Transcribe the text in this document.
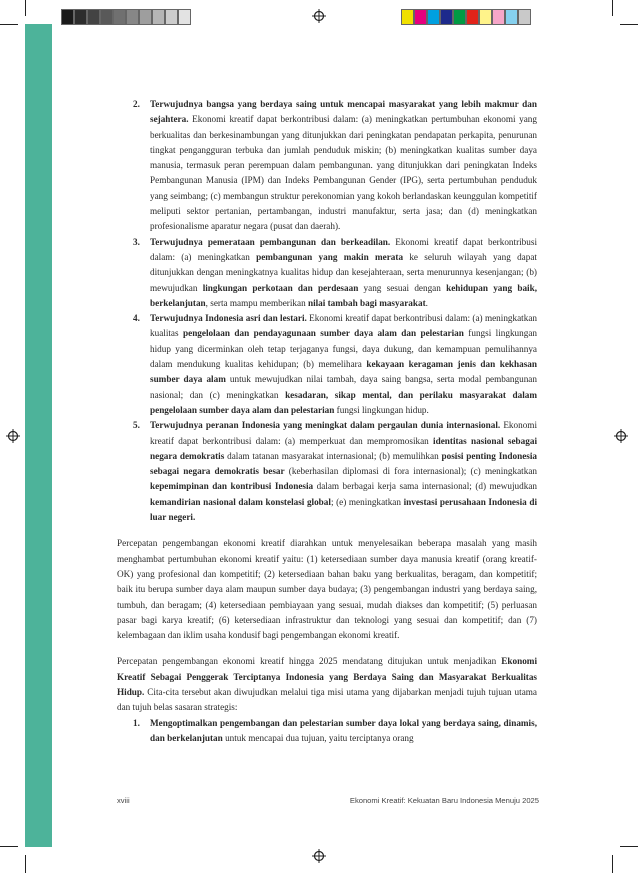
2. Terwujudnya bangsa yang berdaya saing untuk mencapai masyarakat yang lebih makmur dan sejahtera. Ekonomi kreatif dapat berkontribusi dalam: (a) meningkatkan pertumbuhan ekonomi yang berkualitas dan berkesinambungan yang ditunjukkan dari peningkatan pendapatan perkapita, penurunan tingkat pengangguran terbuka dan jumlah penduduk miskin; (b) meningkatkan kualitas sumber daya manusia, termasuk peran perempuan dalam pembangunan. yang ditunjukkan dari peningkatan Indeks Pembangunan Manusia (IPM) dan Indeks Pembangunan Gender (IPG), serta pertumbuhan penduduk yang seimbang; (c) membangun struktur perekonomian yang kokoh berlandaskan keunggulan kompetitif meliputi sektor pertanian, pertambangan, industri manufaktur, serta jasa; dan (d) meningkatkan profesionalisme aparatur negara (pusat dan daerah).
3. Terwujudnya pemerataan pembangunan dan berkeadilan. Ekonomi kreatif dapat berkontribusi dalam: (a) meningkatkan pembangunan yang makin merata ke seluruh wilayah yang dapat ditunjukkan dengan meningkatnya kualitas hidup dan kesejahteraan, serta menurunnya kesenjangan; (b) mewujudkan lingkungan perkotaan dan perdesaan yang sesuai dengan kehidupan yang baik, berkelanjutan, serta mampu memberikan nilai tambah bagi masyarakat.
4. Terwujudnya Indonesia asri dan lestari. Ekonomi kreatif dapat berkontribusi dalam: (a) meningkatkan kualitas pengelolaan dan pendayagunaan sumber daya alam dan pelestarian fungsi lingkungan hidup yang dicerminkan oleh tetap terjaganya fungsi, daya dukung, dan kemampuan pemulihannya dalam mendukung kualitas kehidupan; (b) memelihara kekayaan keragaman jenis dan kekhasan sumber daya alam untuk mewujudkan nilai tambah, daya saing bangsa, serta modal pembangunan nasional; dan (c) meningkatkan kesadaran, sikap mental, dan perilaku masyarakat dalam pengelolaan sumber daya alam dan pelestarian fungsi lingkungan hidup.
5. Terwujudnya peranan Indonesia yang meningkat dalam pergaulan dunia internasional. Ekonomi kreatif dapat berkontribusi dalam: (a) memperkuat dan mempromosikan identitas nasional sebagai negara demokratis dalam tatanan masyarakat internasional; (b) memulihkan posisi penting Indonesia sebagai negara demokratis besar (keberhasilan diplomasi di fora internasional); (c) meningkatkan kepemimpinan dan kontribusi Indonesia dalam berbagai kerja sama internasional; (d) mewujudkan kemandirian nasional dalam konstelasi global; (e) meningkatkan investasi perusahaan Indonesia di luar negeri.

Percepatan pengembangan ekonomi kreatif diarahkan untuk menyelesaikan beberapa masalah yang masih menghambat pertumbuhan ekonomi kreatif yaitu: (1) ketersediaan sumber daya manusia kreatif (orang kreatif-OK) yang profesional dan kompetitif; (2) ketersediaan bahan baku yang berkualitas, beragam, dan kompetitif; baik itu berupa sumber daya alam maupun sumber daya budaya; (3) pengembangan industri yang berdaya saing, tumbuh, dan beragam; (4) ketersediaan pembiayaan yang sesuai, mudah diakses dan kompetitif; (5) perluasan pasar bagi karya kreatif; (6) ketersediaan infrastruktur dan teknologi yang sesuai dan kompetitif; dan (7) kelembagaan dan iklim usaha kondusif bagi pengembangan ekonomi kreatif.

Percepatan pengembangan ekonomi kreatif hingga 2025 mendatang ditujukan untuk menjadikan Ekonomi Kreatif Sebagai Penggerak Terciptanya Indonesia yang Berdaya Saing dan Masyarakat Berkualitas Hidup. Cita-cita tersebut akan diwujudkan melalui tiga misi utama yang dijabarkan menjadi tujuh tujuan utama dan tujuh belas sasaran strategis:

1. Mengoptimalkan pengembangan dan pelestarian sumber daya lokal yang berdaya saing, dinamis, dan berkelanjutan untuk mencapai dua tujuan, yaitu terciptanya orang
xviii	Ekonomi Kreatif: Kekuatan Baru Indonesia Menuju 2025
